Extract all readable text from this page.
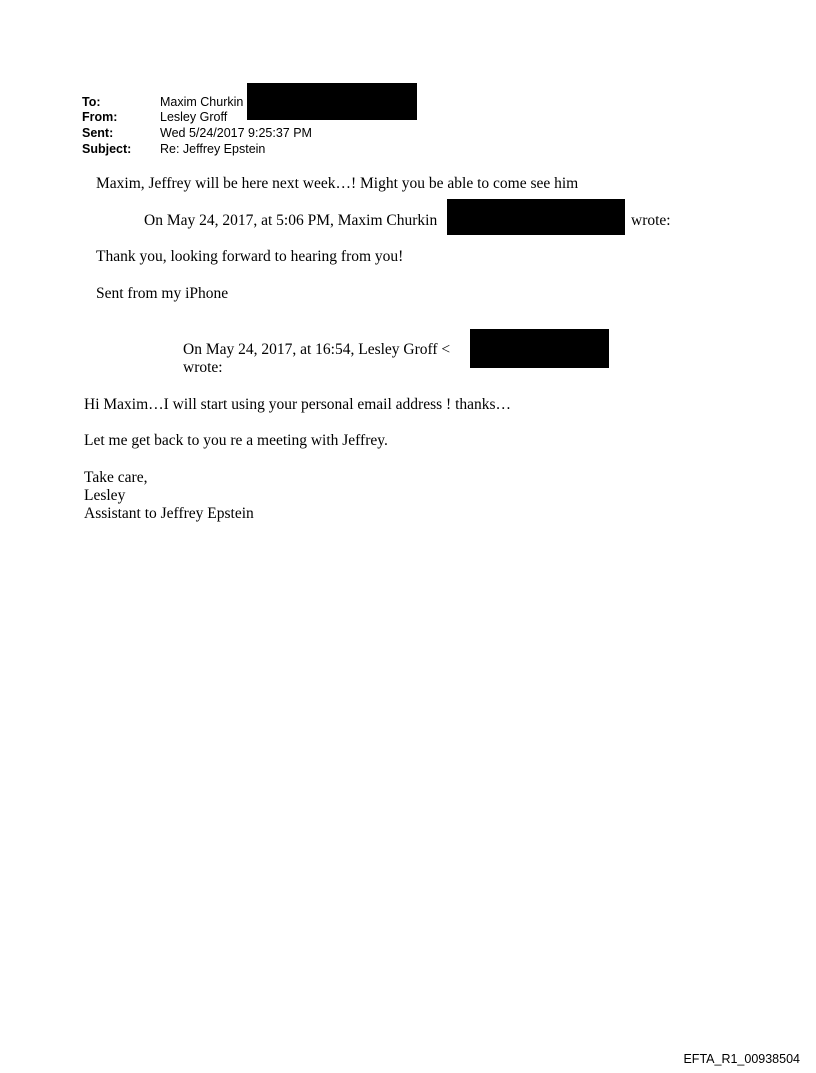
To:	Maxim Churkin
From:	Lesley Groff
Sent:	Wed 5/24/2017 9:25:37 PM
Subject: Re: Jeffrey Epstein
Maxim, Jeffrey will be here next week…! Might you be able to come see him
On May 24, 2017, at 5:06 PM, Maxim Churkin	wrote:
Thank you, looking forward to hearing from you!
Sent from my iPhone
On May 24, 2017, at 16:54, Lesley Groff <
wrote:
Hi Maxim…I will start using your personal email address ! thanks…
Let me get back to you re a meeting with Jeffrey.
Take care,
Lesley
Assistant to Jeffrey Epstein
EFTA_R1_00938504
